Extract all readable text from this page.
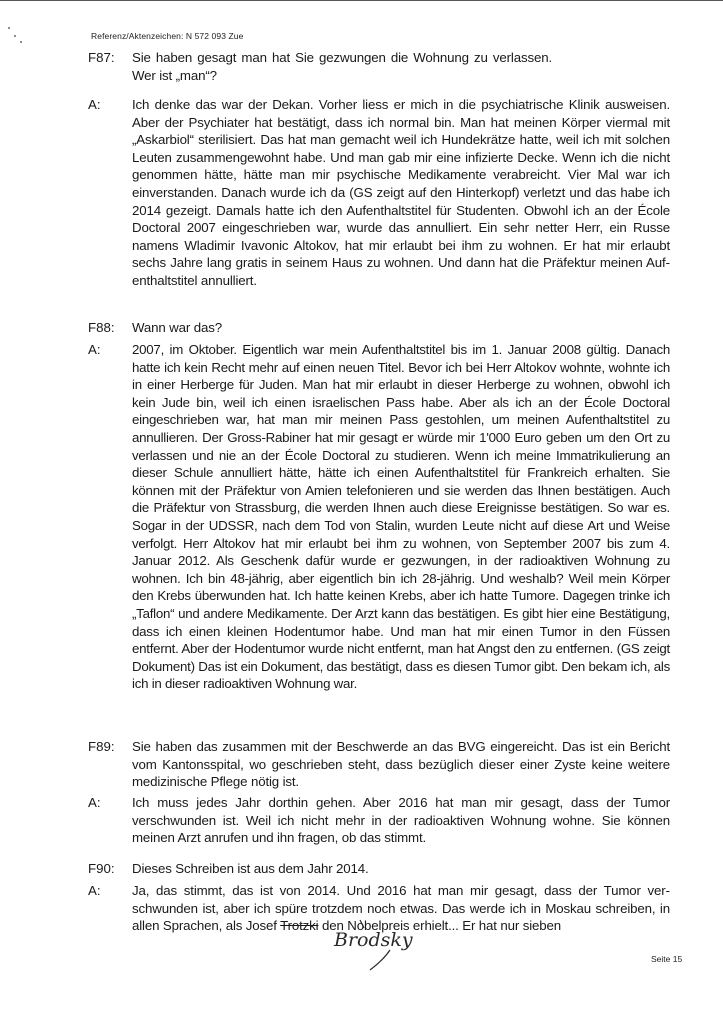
Referenz/Aktenzeichen: N 572 093 Zue
F87: Sie haben gesagt man hat Sie gezwungen die Wohnung zu verlassen. Wer ist „man“?
A: Ich denke das war der Dekan. Vorher liess er mich in die psychiatrische Klinik ausweisen. Aber der Psychiater hat bestätigt, dass ich normal bin. Man hat meinen Körper viermal mit „Askarbiol“ sterilisiert. Das hat man gemacht weil ich Hundekrätze hatte, weil ich mit solchen Leuten zusammengewohnt habe. Und man gab mir eine infizierte Decke. Wenn ich die nicht genommen hätte, hätte man mir psychische Medikamente verabreicht. Vier Mal war ich einverstanden. Danach wurde ich da (GS zeigt auf den Hinterkopf) verletzt und das habe ich 2014 gezeigt. Damals hatte ich den Aufenthaltstitel für Studenten. Obwohl ich an der École Doctoral 2007 eingeschrieben war, wurde das annulliert. Ein sehr netter Herr, ein Russe namens Wladimir Ivavonic Altokov, hat mir erlaubt bei ihm zu wohnen. Er hat mir erlaubt sechs Jahre lang gratis in seinem Haus zu wohnen. Und dann hat die Präfektur meinen Aufenthaltstitel annulliert.
F88: Wann war das?
A: 2007, im Oktober. Eigentlich war mein Aufenthaltstitel bis im 1. Januar 2008 gültig. Danach hatte ich kein Recht mehr auf einen neuen Titel. Bevor ich bei Herr Altokov wohnte, wohnte ich in einer Herberge für Juden. Man hat mir erlaubt in dieser Herberge zu wohnen, obwohl ich kein Jude bin, weil ich einen israelischen Pass habe. Aber als ich an der École Doctoral eingeschrieben war, hat man mir meinen Pass gestohlen, um meinen Aufenthaltstitel zu annullieren. Der Gross-Rabiner hat mir gesagt er würde mir 1'000 Euro geben um den Ort zu verlassen und nie an der École Doctoral zu studieren. Wenn ich meine Immatrikulierung an dieser Schule annulliert hätte, hätte ich einen Aufenthaltstitel für Frankreich erhalten. Sie können mit der Präfektur von Amien telefonieren und sie werden das Ihnen bestätigen. Auch die Präfektur von Strassburg, die werden Ihnen auch diese Ereignisse bestätigen. So war es. Sogar in der UDSSR, nach dem Tod von Stalin, wurden Leute nicht auf diese Art und Weise verfolgt. Herr Altokov hat mir erlaubt bei ihm zu wohnen, von September 2007 bis zum 4. Januar 2012. Als Geschenk dafür wurde er gezwungen, in der radioaktiven Wohnung zu wohnen. Ich bin 48-jährig, aber eigentlich bin ich 28-jährig. Und weshalb? Weil mein Körper den Krebs überwunden hat. Ich hatte keinen Krebs, aber ich hatte Tumore. Dagegen trinke ich „Taflon“ und andere Medikamente. Der Arzt kann das bestätigen. Es gibt hier eine Bestätigung, dass ich einen kleinen Hodentumor habe. Und man hat mir einen Tumor in den Füssen entfernt. Aber der Hodentumor wurde nicht entfernt, man hat Angst den zu entfernen. (GS zeigt Dokument) Das ist ein Dokument, das bestätigt, dass es diesen Tumor gibt. Den bekam ich, als ich in dieser radioaktiven Wohnung war.
F89: Sie haben das zusammen mit der Beschwerde an das BVG eingereicht. Das ist ein Bericht vom Kantonsspital, wo geschrieben steht, dass bezüglich dieser einer Zyste keine weitere medizinische Pflege nötig ist.
A: Ich muss jedes Jahr dorthin gehen. Aber 2016 hat man mir gesagt, dass der Tumor verschwunden ist. Weil ich nicht mehr in der radioaktiven Wohnung wohne. Sie können meinen Arzt anrufen und ihn fragen, ob das stimmt.
F90: Dieses Schreiben ist aus dem Jahr 2014.
A: Ja, das stimmt, das ist von 2014. Und 2016 hat man mir gesagt, dass der Tumor verschwunden ist, aber ich spüre trotzdem noch etwas. Das werde ich in Moskau schreiben, in allen Sprachen, als Josef Trotzki den Nobelpreis erhielt... Er hat nur sieben
Brodsky
Seite 15
